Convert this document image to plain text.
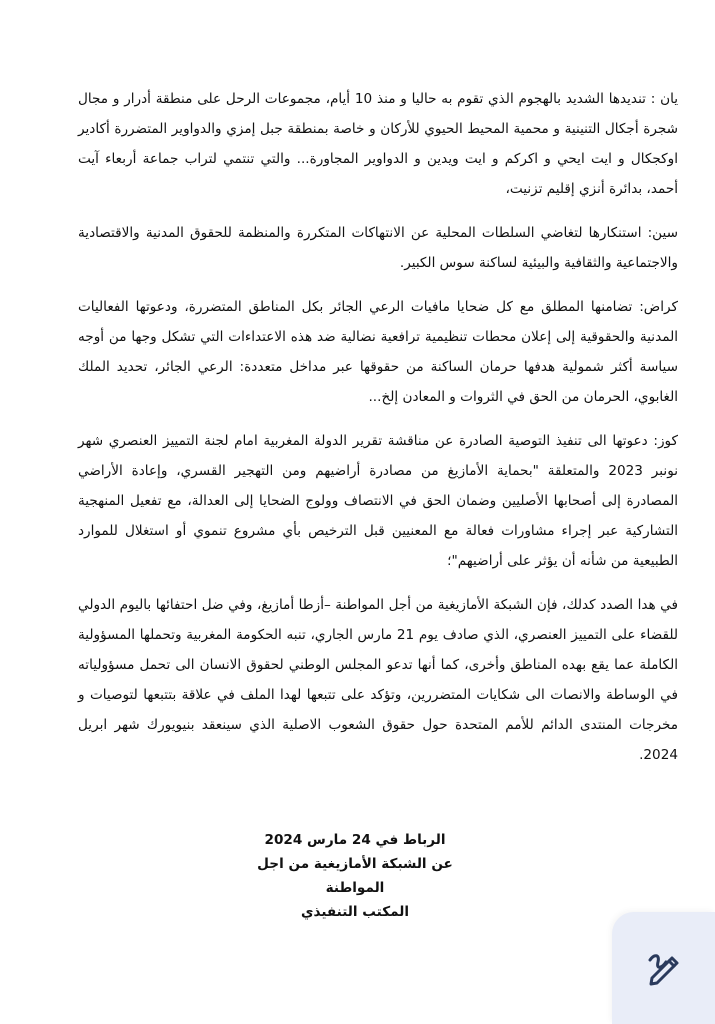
يان : تنديدها الشديد بالهجوم الذي تقوم به حاليا و منذ 10 أيام، مجموعات الرحل على منطقة أدرار و مجال شجرة أجكال التنينية و محمية المحيط الحيوي للأركان و خاصة بمنطقة جبل إمزي والدواوير المتضررة أكادير اوكجكال و ايت ايحي و اكركم و ايت ويدين و الدواوير المجاورة... والتي تنتمي لتراب جماعة أربعاء آيت أحمد، بدائرة أنزي إقليم تزنيت،

سين: استنكارها لتغاضي السلطات المحلية عن الانتهاكات المتكررة والمنظمة للحقوق المدنية والاقتصادية والاجتماعية والثقافية والبيئية لساكنة سوس الكبير.

كراض: تضامنها المطلق مع كل ضحايا مافيات الرعي الجائر بكل المناطق المتضررة، ودعوتها الفعاليات المدنية والحقوقية إلى إعلان محطات تنظيمية ترافعية نضالية ضد هذه الاعتداءات التي تشكل وجها من أوجه سياسة أكثر شمولية هدفها حرمان الساكنة من حقوقها عبر مداخل متعددة: الرعي الجائر، تحديد الملك الغابوي، الحرمان من الحق في الثروات و المعادن إلخ...

كوز: دعوتها الى تنفيذ التوصية الصادرة عن مناقشة تقرير الدولة المغربية امام لجنة التمييز العنصري شهر نونبر 2023 والمتعلقة "بحماية الأمازيغ من مصادرة أراضيهم ومن التهجير القسري، وإعادة الأراضي المصادرة إلى أصحابها الأصليين وضمان الحق في الانتصاف وولوج الضحايا إلى العدالة، مع تفعيل المنهجية التشاركية عبر إجراء مشاورات فعالة مع المعنيين قبل الترخيص بأي مشروع تنموي أو استغلال للموارد الطبيعية من شأنه أن يؤثر على أراضيهم"؛

في هدا الصدد كدلك، فإن الشبكة الأمازيغية من أجل المواطنة –أزطا أمازيغ، وفي ضل احتفائها باليوم الدولي للقضاء على التمييز العنصري، الذي صادف يوم 21 مارس الجاري، تنبه الحكومة المغربية وتحملها المسؤولية الكاملة عما يقع بهده المناطق وأخرى، كما أنها تدعو المجلس الوطني لحقوق الانسان الى تحمل مسؤولياته في الوساطة والانصات الى شكايات المتضررين، وتؤكد على تتبعها لهدا الملف في علاقة بتتبعها لتوصيات و مخرجات المنتدى الدائم للأمم المتحدة حول حقوق الشعوب الاصلية الذي سينعقد بنيويورك شهر ابريل 2024.

الرباط في 24 مارس 2024
عن الشبكة الأمازيغية من اجل المواطنة
المكتب التنفيذي
